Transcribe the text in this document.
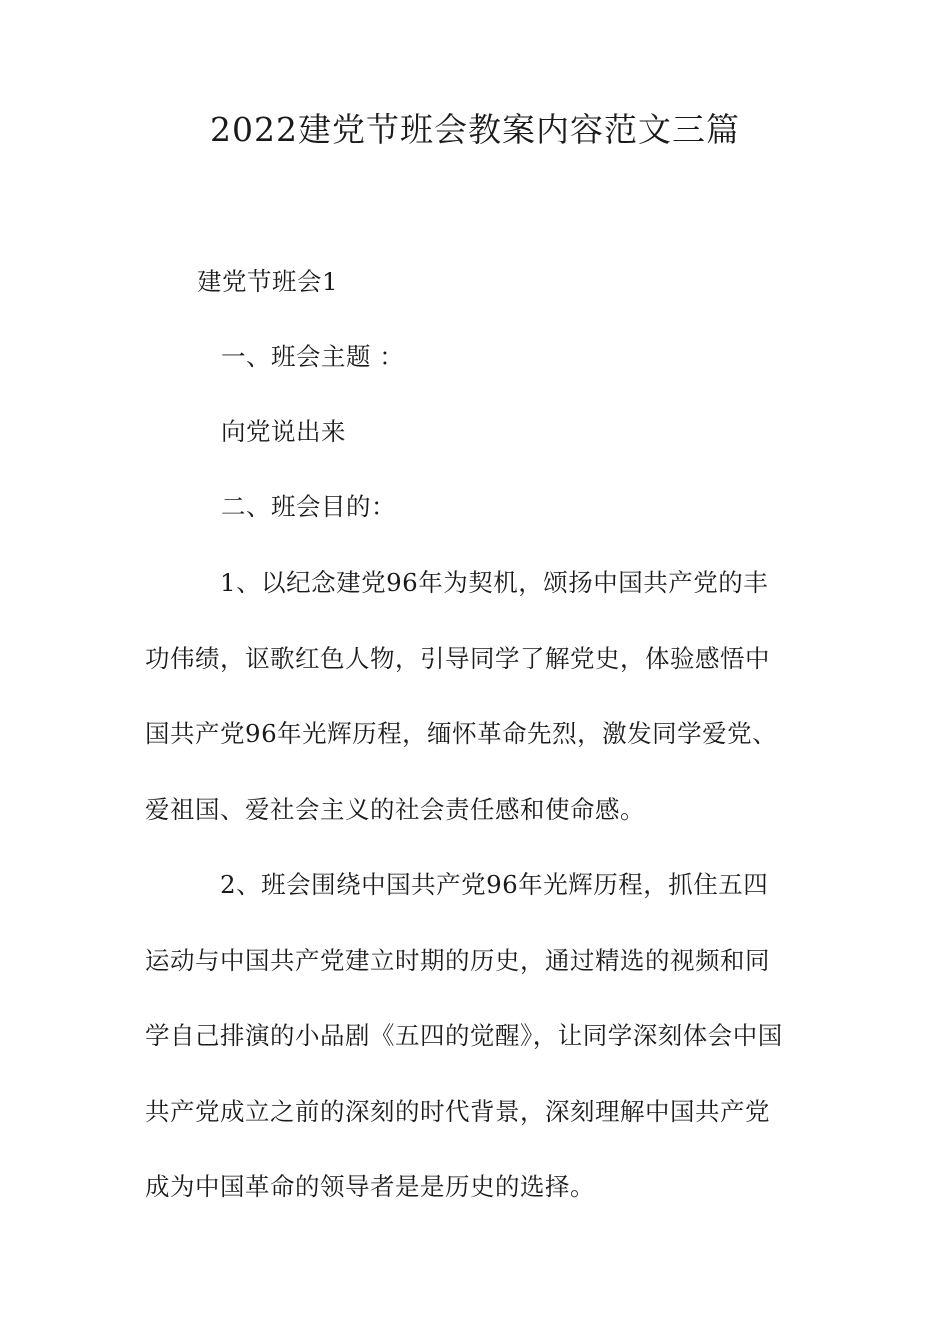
2022建党节班会教案内容范文三篇
建党节班会1
一、班会主题 ：
向党说出来
二、班会目的：
1、以纪念建党96年为契机，颂扬中国共产党的丰
功伟绩，讴歌红色人物，引导同学了解党史，体验感悟中
国共产党96年光辉历程，缅怀革命先烈，激发同学爱党、
爱祖国、爱社会主义的社会责任感和使命感。
2、班会围绕中国共产党96年光辉历程，抓住五四
运动与中国共产党建立时期的历史，通过精选的视频和同
学自己排演的小品剧《五四的觉醒》，让同学深刻体会中国
共产党成立之前的深刻的时代背景，深刻理解中国共产党
成为中国革命的领导者是是历史的选择。
